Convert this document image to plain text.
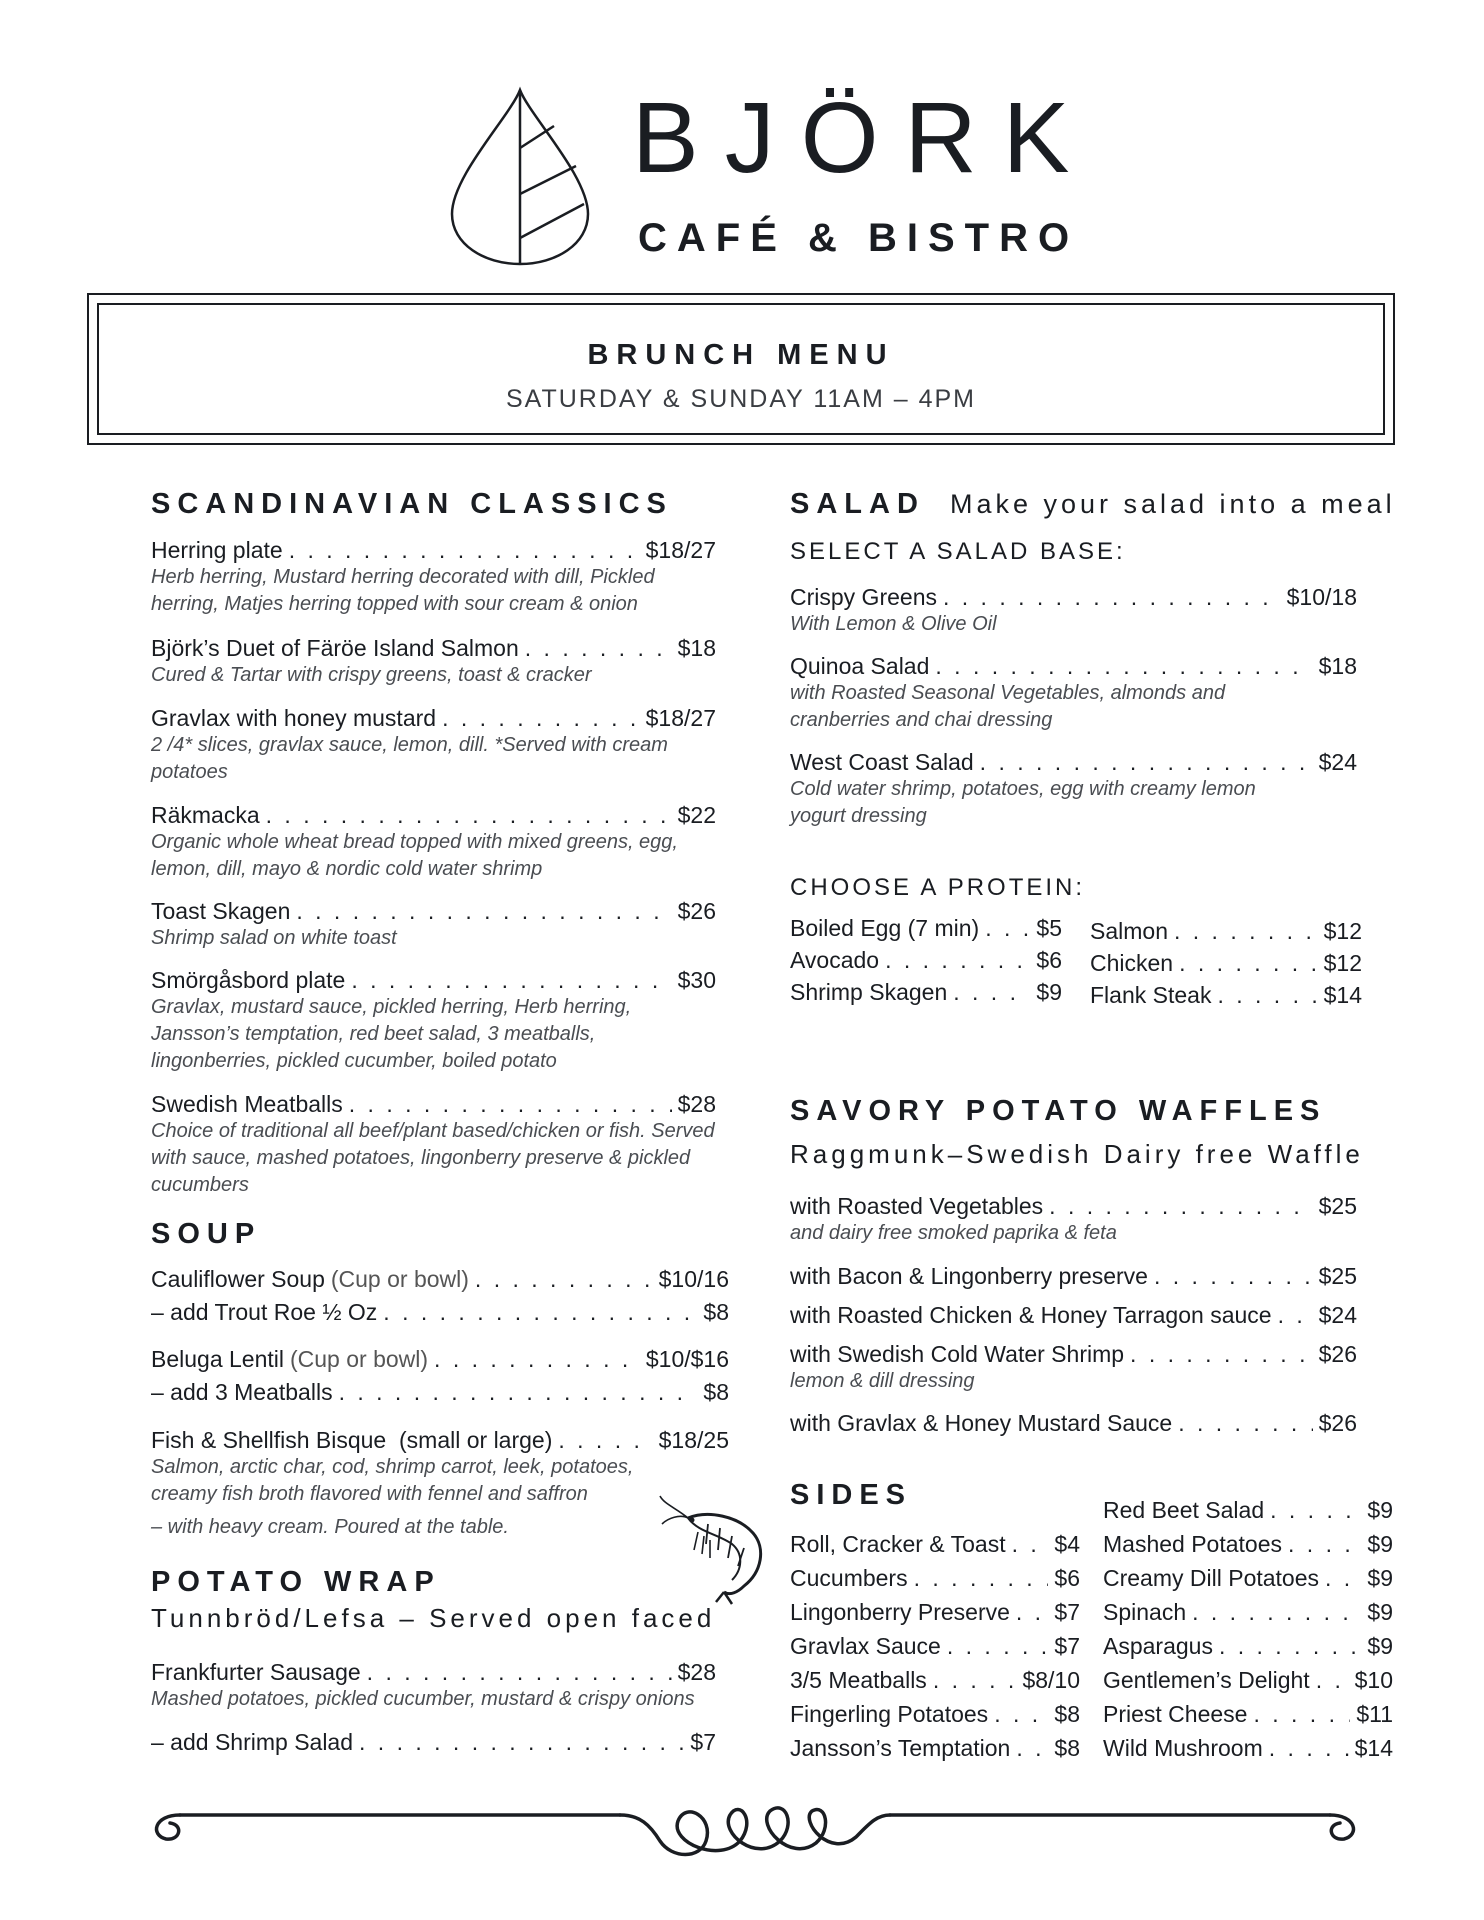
BJÖRK
CAFÉ & BISTRO
BRUNCH MENU
SATURDAY & SUNDAY 11AM – 4PM
SCANDINAVIAN CLASSICS
Herring plate . . .	$18/27
Herb herring, Mustard herring decorated with dill, Pickled herring, Matjes herring topped with sour cream & onion
Björk’s Duet of Färöe Island Salmon . . .	$18
Cured & Tartar with crispy greens, toast & cracker
Gravlax with honey mustard . . .	$18/27
2 /4* slices, gravlax sauce, lemon, dill. *Served with cream potatoes
Räkmacka . . .	$22
Organic whole wheat bread topped with mixed greens, egg, lemon, dill, mayo & nordic cold water shrimp
Toast Skagen . . .	$26
Shrimp salad on white toast
Smörgåsbord plate . . .	$30
Gravlax, mustard sauce, pickled herring, Herb herring, Jansson’s temptation, red beet salad, 3 meatballs, lingonberries, pickled cucumber, boiled potato
Swedish Meatballs . . .	$28
Choice of traditional all beef/plant based/chicken or fish. Served with sauce, mashed potatoes, lingonberry preserve & pickled cucumbers
SOUP
Cauliflower Soup (Cup or bowl) . . .	$10/16
– add Trout Roe ½ Oz . . .	$8
Beluga Lentil (Cup or bowl) . . .	$10/$16
– add 3 Meatballs . . .	$8
Fish & Shellfish Bisque  (small or large) . . .	$18/25
Salmon, arctic char, cod, shrimp carrot, leek, potatoes, creamy fish broth flavored with fennel and saffron
– with heavy cream. Poured at the table.
POTATO WRAP
Tunnbröd/Lefsa – Served open faced
Frankfurter Sausage . . .	$28
Mashed potatoes, pickled cucumber, mustard & crispy onions
– add Shrimp Salad . . .	$7
SALAD Make your salad into a meal
SELECT A SALAD BASE:
Crispy Greens . . .	$10/18
With Lemon & Olive Oil
Quinoa Salad . . .	$18
with Roasted Seasonal Vegetables, almonds and cranberries and chai dressing
West Coast Salad . . .	$24
Cold water shrimp, potatoes, egg with creamy lemon yogurt dressing
CHOOSE A PROTEIN:
Boiled Egg (7 min) . . . $5
Avocado . . .	$6
Shrimp Skagen . . .	$9
Salmon . . .	$12
Chicken . . .	$12
Flank Steak . . .	$14
SAVORY POTATO WAFFLES
Raggmunk–Swedish Dairy free Waffle
with Roasted Vegetables . . .	$25
and dairy free smoked paprika & feta
with Bacon & Lingonberry preserve . . .	$25
with Roasted Chicken & Honey Tarragon sauce . . . $24
with Swedish Cold Water Shrimp . . .	$26
lemon & dill dressing
with Gravlax & Honey Mustard Sauce . . .	$26
SIDES
Roll, Cracker & Toast . . . $4
Cucumbers . . .	$6
Lingonberry Preserve . . . $7
Gravlax Sauce . . .	$7
3/5 Meatballs . . .	$8/10
Fingerling Potatoes . . .	$8
Jansson’s Temptation . . . $8
Red Beet Salad . . .	$9
Mashed Potatoes . . .	$9
Creamy Dill Potatoes . . . $9
Spinach . . .	$9
Asparagus . . .	$9
Gentlemen’s Delight . . . $10
Priest Cheese . . .	$11
Wild Mushroom . . .	$14
